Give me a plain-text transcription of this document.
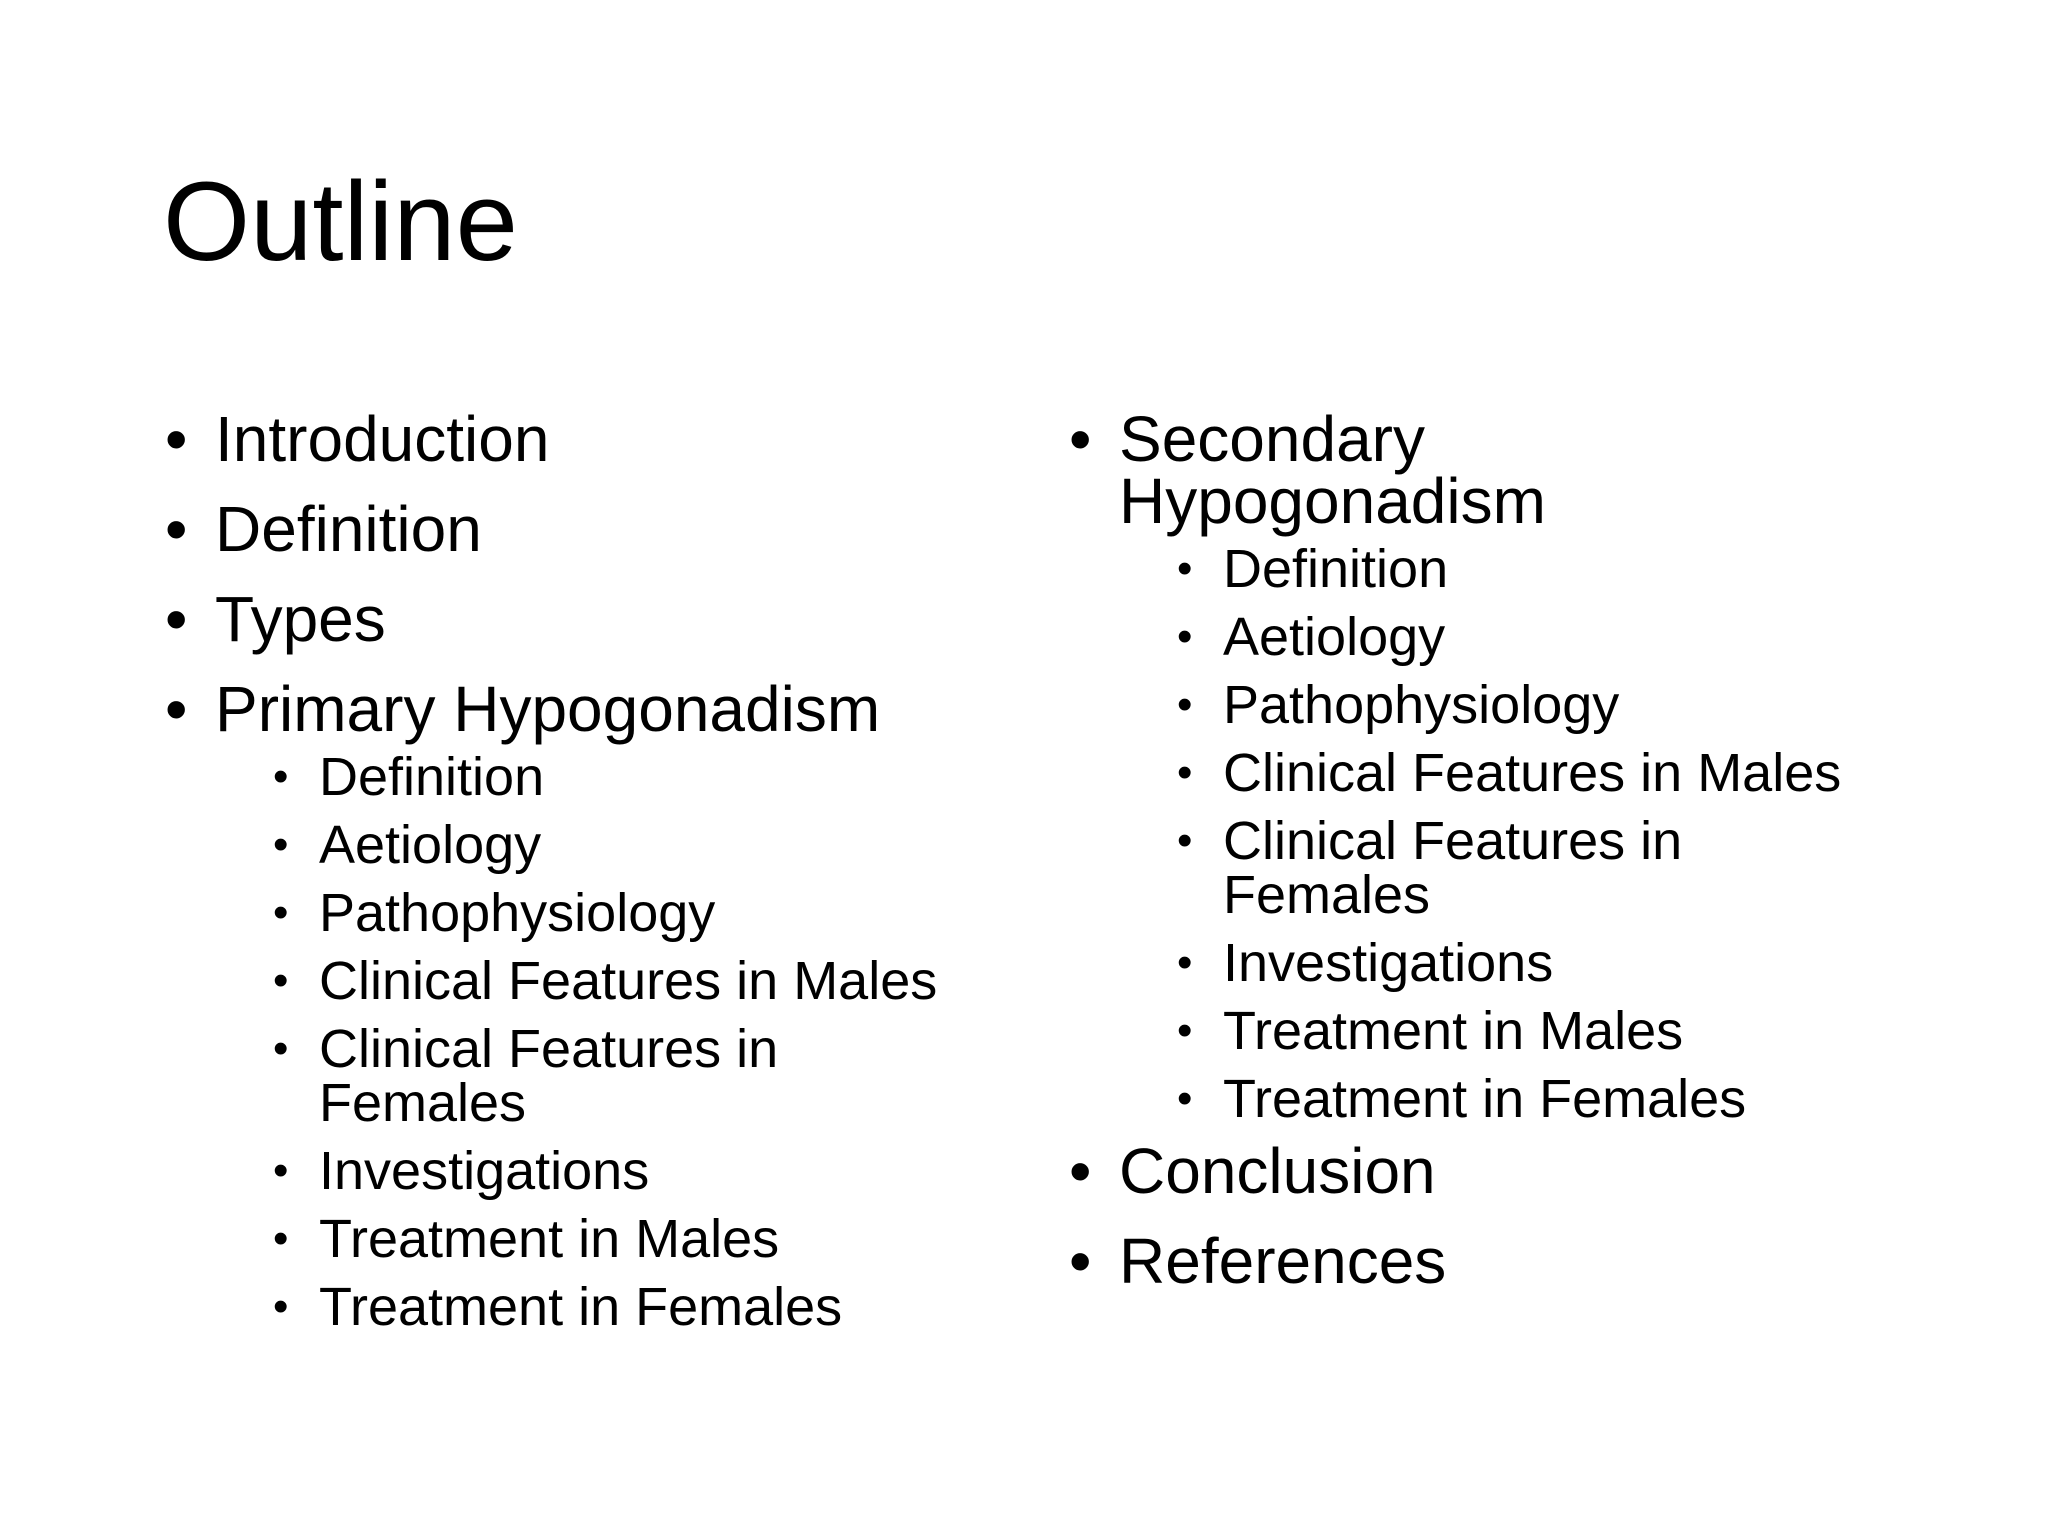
Outline
• Introduction
• Definition
• Types
• Primary Hypogonadism
• Definition
• Aetiology
• Pathophysiology
• Clinical Features in Males
• Clinical Features in Females
• Investigations
• Treatment in Males
• Treatment in Females
• Secondary Hypogonadism
• Definition
• Aetiology
• Pathophysiology
• Clinical Features in Males
• Clinical Features in Females
• Investigations
• Treatment in Males
• Treatment in Females
• Conclusion
• References
